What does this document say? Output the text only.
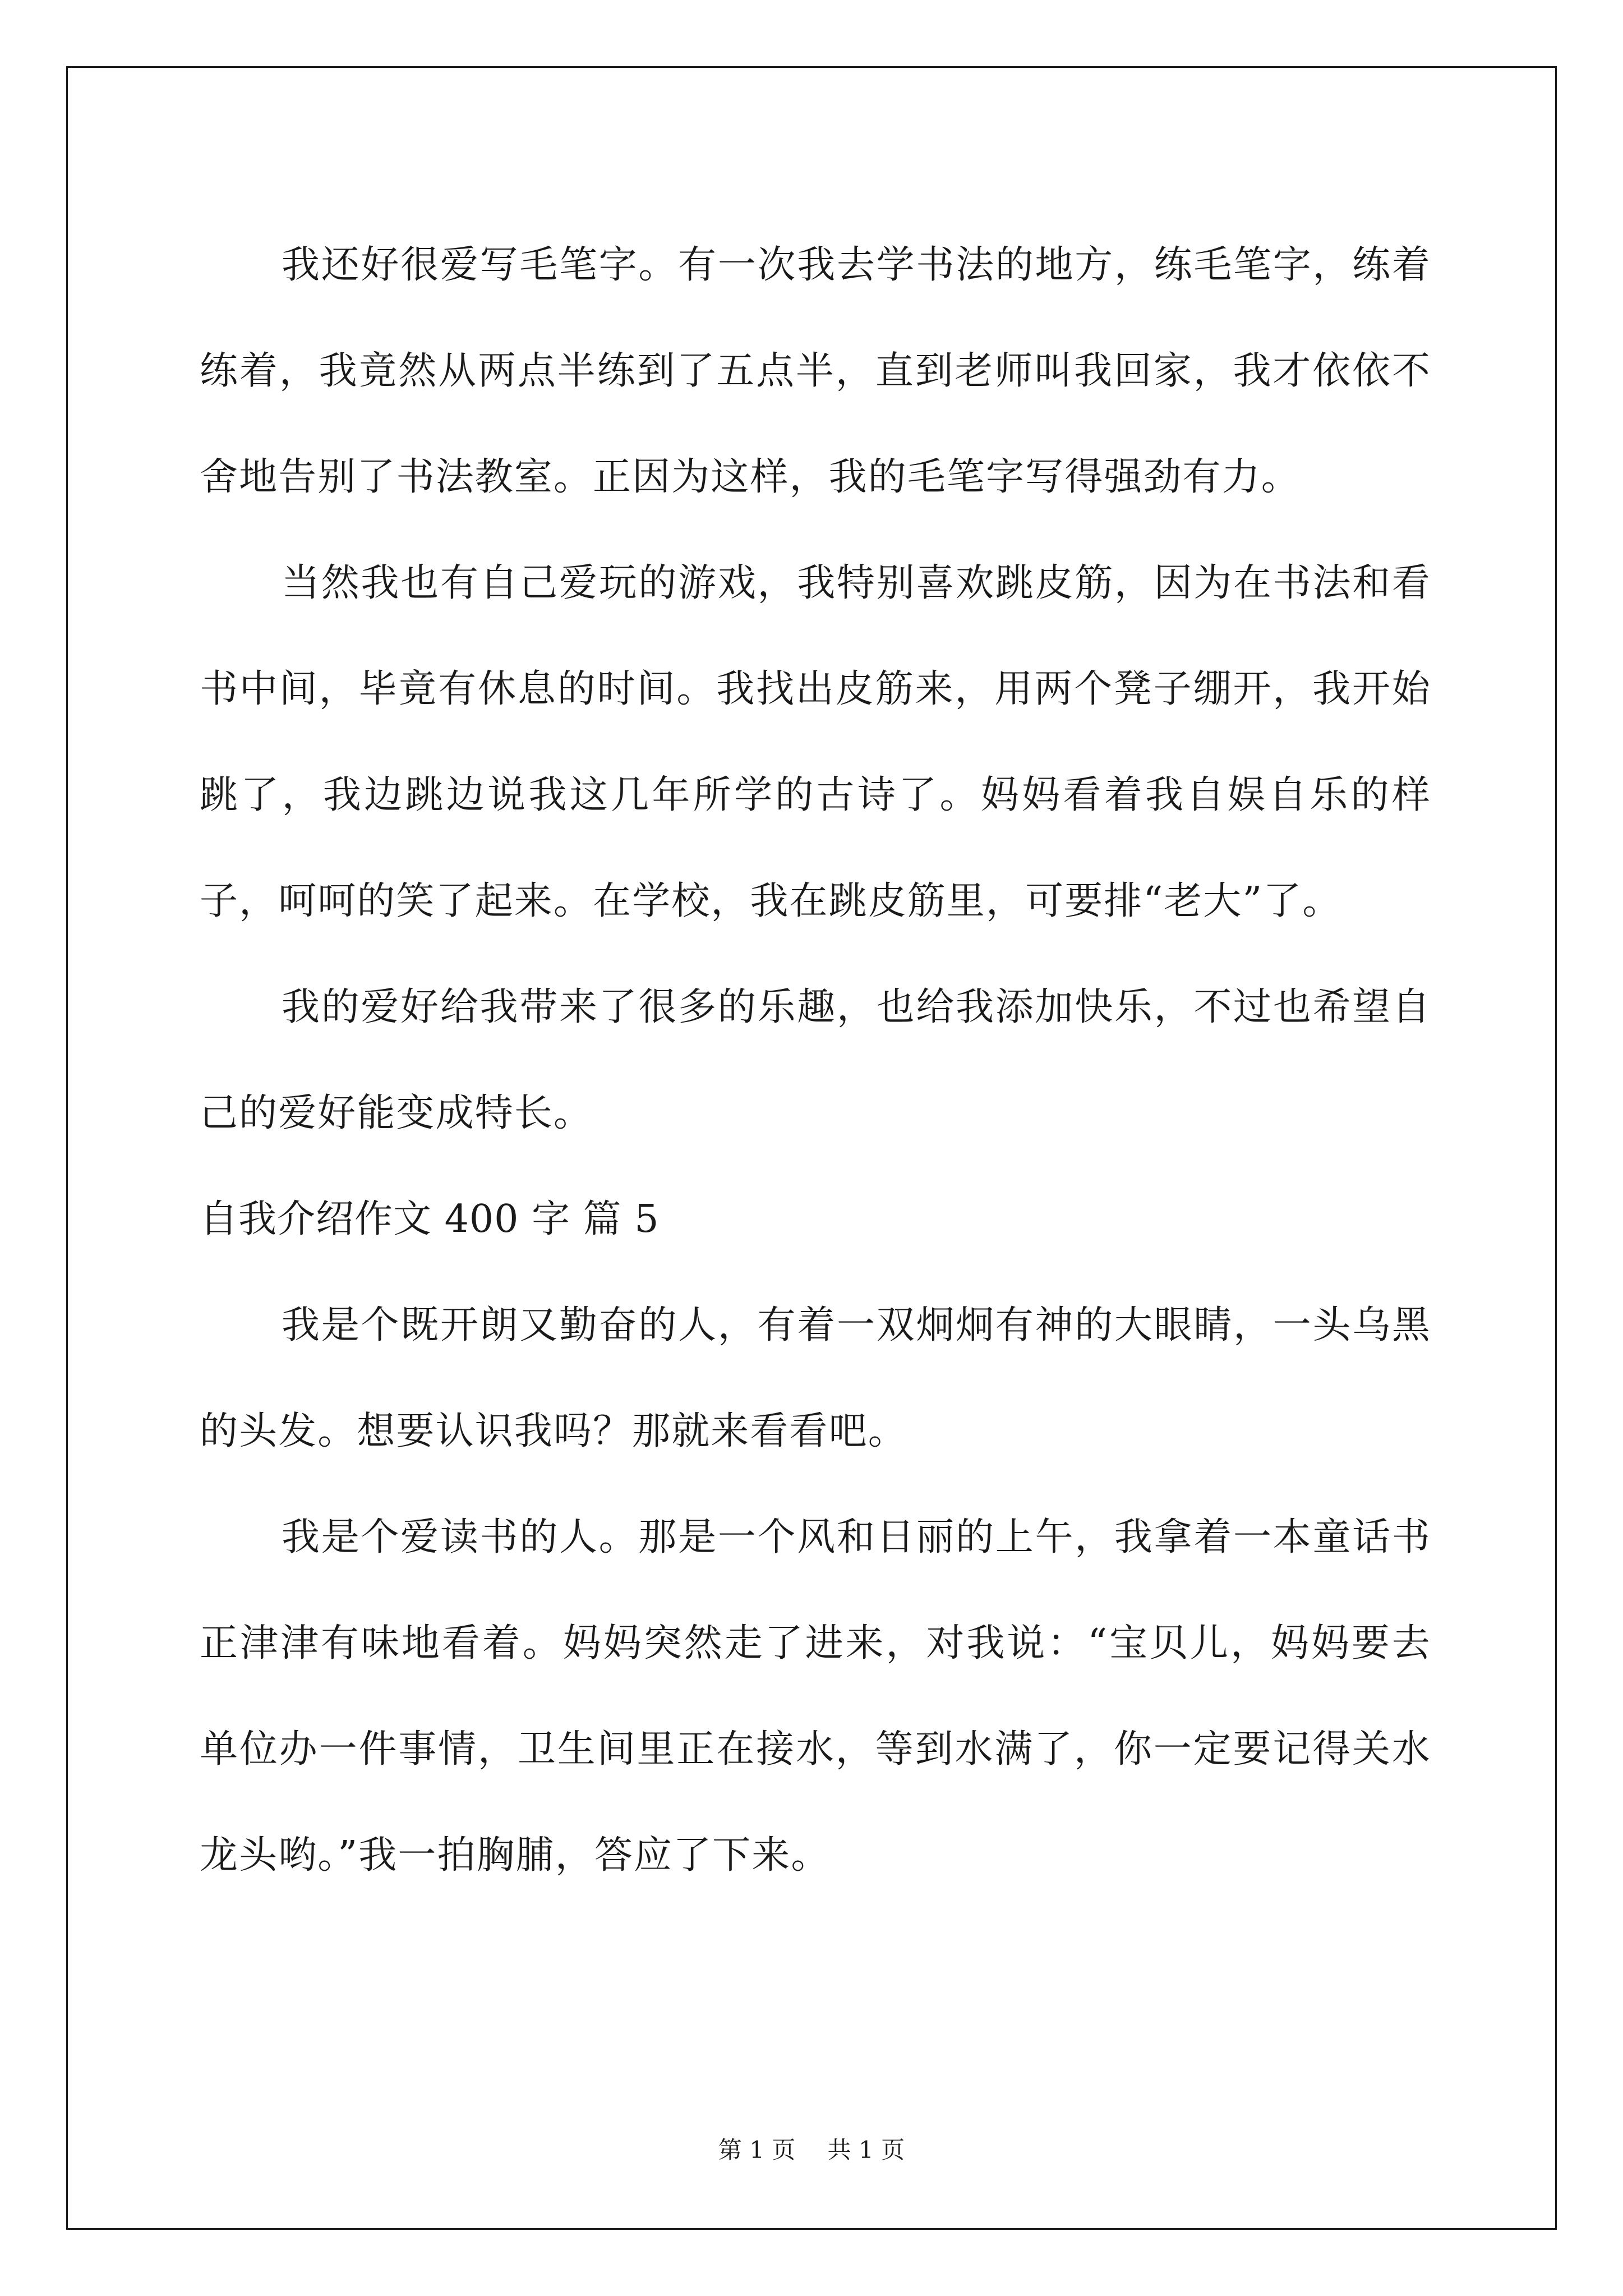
我还好很爱写毛笔字。有一次我去学书法的地方，练毛笔字，练着练着，我竟然从两点半练到了五点半，直到老师叫我回家，我才依依不舍地告别了书法教室。正因为这样，我的毛笔字写得强劲有力。

当然我也有自己爱玩的游戏，我特别喜欢跳皮筋，因为在书法和看书中间，毕竟有休息的时间。我找出皮筋来，用两个凳子绷开，我开始跳了，我边跳边说我这几年所学的古诗了。妈妈看着我自娱自乐的样子，呵呵的笑了起来。在学校，我在跳皮筋里，可要排“老大”了。

我的爱好给我带来了很多的乐趣，也给我添加快乐，不过也希望自己的爱好能变成特长。

自我介绍作文 400 字 篇 5

我是个既开朗又勤奋的人，有着一双炯炯有神的大眼睛，一头乌黑的头发。想要认识我吗？那就来看看吧。

我是个爱读书的人。那是一个风和日丽的上午，我拿着一本童话书正津津有味地看着。妈妈突然走了进来，对我说：“宝贝儿，妈妈要去单位办一件事情，卫生间里正在接水，等到水满了，你一定要记得关水龙头哟。”我一拍胸脯，答应了下来。

第 1 页 共 1 页
